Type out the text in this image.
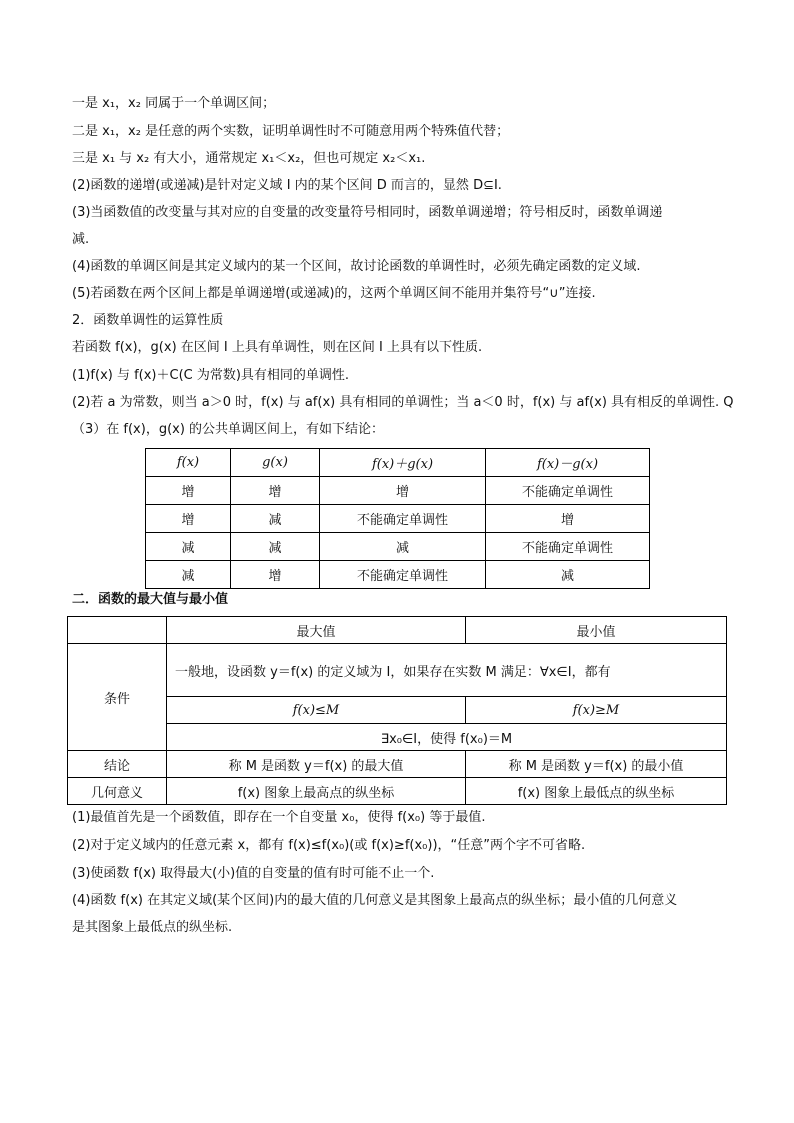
一是 x₁，x₂ 同属于一个单调区间；
二是 x₁，x₂ 是任意的两个实数，证明单调性时不可随意用两个特殊值代替；
三是 x₁ 与 x₂ 有大小，通常规定 x₁＜x₂，但也可规定 x₂＜x₁.
(2)函数的递增(或递减)是针对定义域 I 内的某个区间 D 而言的，显然 D⊆I.
(3)当函数值的改变量与其对应的自变量的改变量符号相同时，函数单调递增；符号相反时，函数单调递
减.
(4)函数的单调区间是其定义域内的某一个区间，故讨论函数的单调性时，必须先确定函数的定义域.
(5)若函数在两个区间上都是单调递增(或递减)的，这两个单调区间不能用并集符号“∪”连接.
2．函数单调性的运算性质
若函数 f(x)，g(x) 在区间 I 上具有单调性，则在区间 I 上具有以下性质.
(1)f(x) 与 f(x)＋C(C 为常数)具有相同的单调性.
(2)若 a 为常数，则当 a＞0 时，f(x) 与 af(x) 具有相同的单调性；当 a＜0 时，f(x) 与 af(x) 具有相反的单调性. Q
（3）在 f(x)，g(x) 的公共单调区间上，有如下结论：
f(x)	g(x)	f(x)＋g(x)	f(x)－g(x)
增	增	增	不能确定单调性
增	减	不能确定单调性	增
减	减	减	不能确定单调性
减	增	不能确定单调性	减
二．函数的最大值与最小值
	最大值	最小值
条件	一般地，设函数 y＝f(x) 的定义域为 I，如果存在实数 M 满足：∀x∈I，都有	
	f(x)≤M	f(x)≥M
	∃x₀∈I，使得 f(x₀)＝M	
结论	称 M 是函数 y＝f(x) 的最大值	称 M 是函数 y＝f(x) 的最小值
几何意义	f(x) 图象上最高点的纵坐标	f(x) 图象上最低点的纵坐标
(1)最值首先是一个函数值，即存在一个自变量 x₀，使得 f(x₀) 等于最值.
(2)对于定义域内的任意元素 x，都有 f(x)≤f(x₀)(或 f(x)≥f(x₀))，“任意”两个字不可省略.
(3)使函数 f(x) 取得最大(小)值的自变量的值有时可能不止一个.
(4)函数 f(x) 在其定义域(某个区间)内的最大值的几何意义是其图象上最高点的纵坐标；最小值的几何意义
是其图象上最低点的纵坐标.
